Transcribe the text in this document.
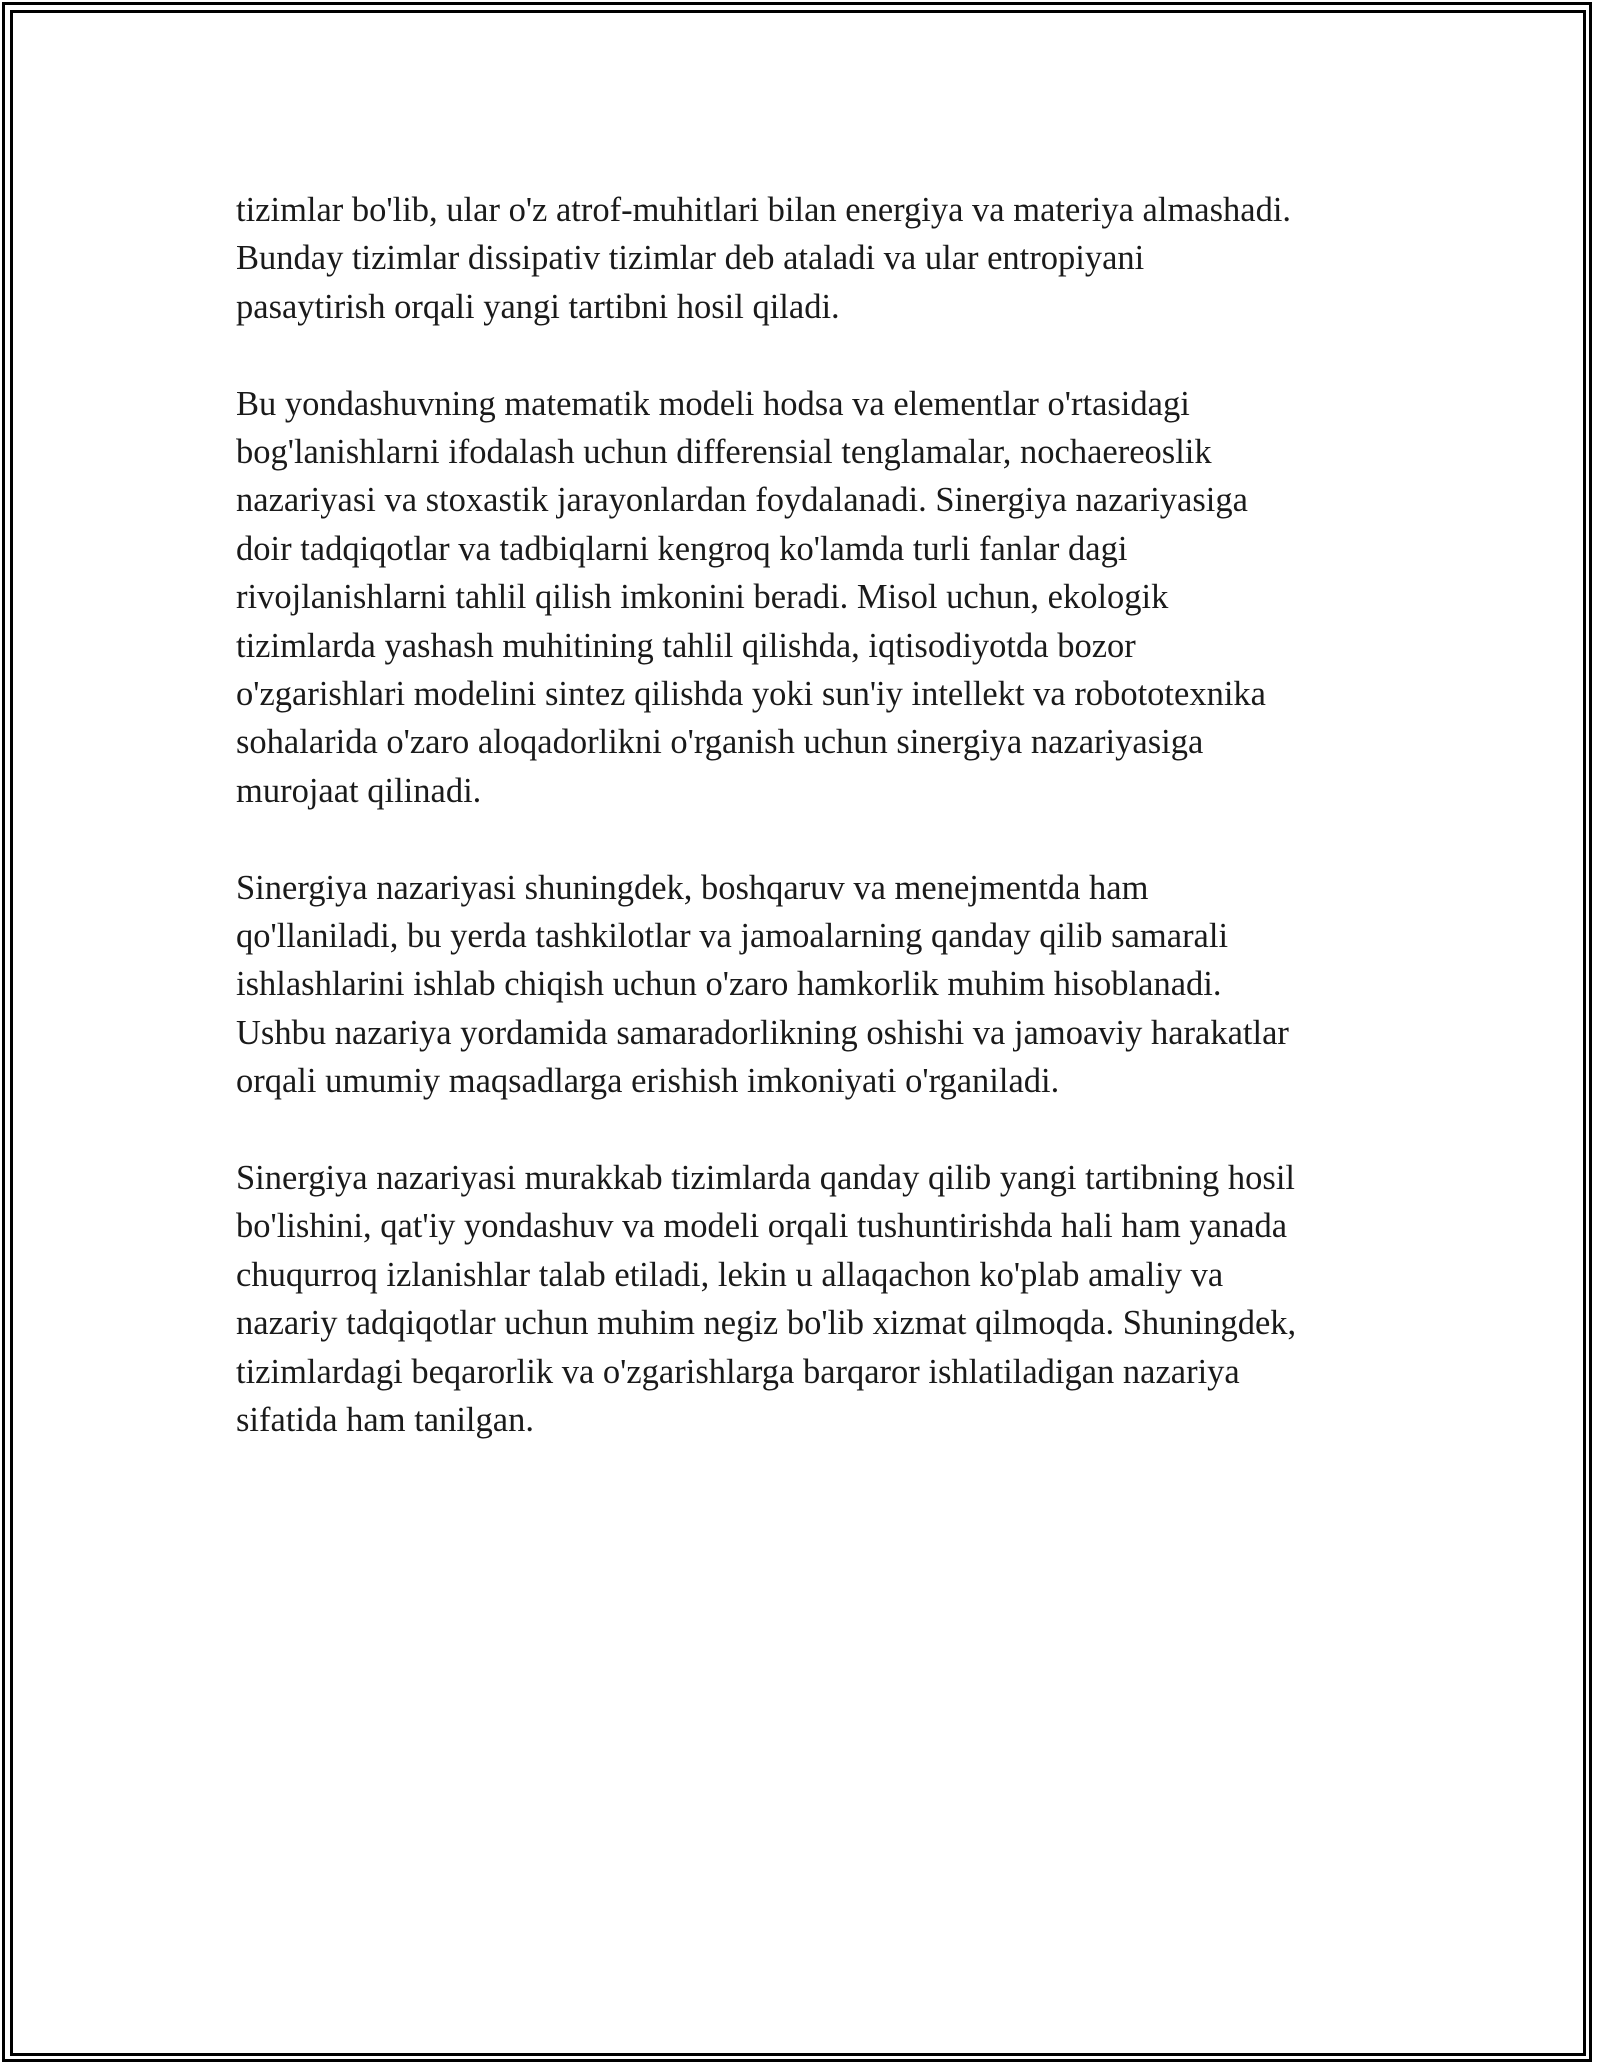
tizimlar bo'lib, ular o'z atrof-muhitlari bilan energiya va materiya almashadi.
Bunday tizimlar dissipativ tizimlar deb ataladi va ular entropiyani
pasaytirish orqali yangi tartibni hosil qiladi.

Bu yondashuvning matematik modeli hodsa va elementlar o'rtasidagi
bog'lanishlarni ifodalash uchun differensial tenglamalar, nochaereoslik
nazariyasi va stoxastik jarayonlardan foydalanadi. Sinergiya nazariyasiga
doir tadqiqotlar va tadbiqlarni kengroq ko'lamda turli fanlar dagi
rivojlanishlarni tahlil qilish imkonini beradi. Misol uchun, ekologik
tizimlarda yashash muhitining tahlil qilishda, iqtisodiyotda bozor
o'zgarishlari modelini sintez qilishda yoki sun'iy intellekt va robototexnika
sohalarida o'zaro aloqadorlikni o'rganish uchun sinergiya nazariyasiga
murojaat qilinadi.

Sinergiya nazariyasi shuningdek, boshqaruv va menejmentda ham
qo'llaniladi, bu yerda tashkilotlar va jamoalarning qanday qilib samarali
ishlashlarini ishlab chiqish uchun o'zaro hamkorlik muhim hisoblanadi.
Ushbu nazariya yordamida samaradorlikning oshishi va jamoaviy harakatlar
orqali umumiy maqsadlarga erishish imkoniyati o'rganiladi.

Sinergiya nazariyasi murakkab tizimlarda qanday qilib yangi tartibning hosil
bo'lishini, qat'iy yondashuv va modeli orqali tushuntirishda hali ham yanada
chuqurroq izlanishlar talab etiladi, lekin u allaqachon ko'plab amaliy va
nazariy tadqiqotlar uchun muhim negiz bo'lib xizmat qilmoqda. Shuningdek,
tizimlardagi beqarorlik va o'zgarishlarga barqaror ishlatiladigan nazariya
sifatida ham tanilgan.
